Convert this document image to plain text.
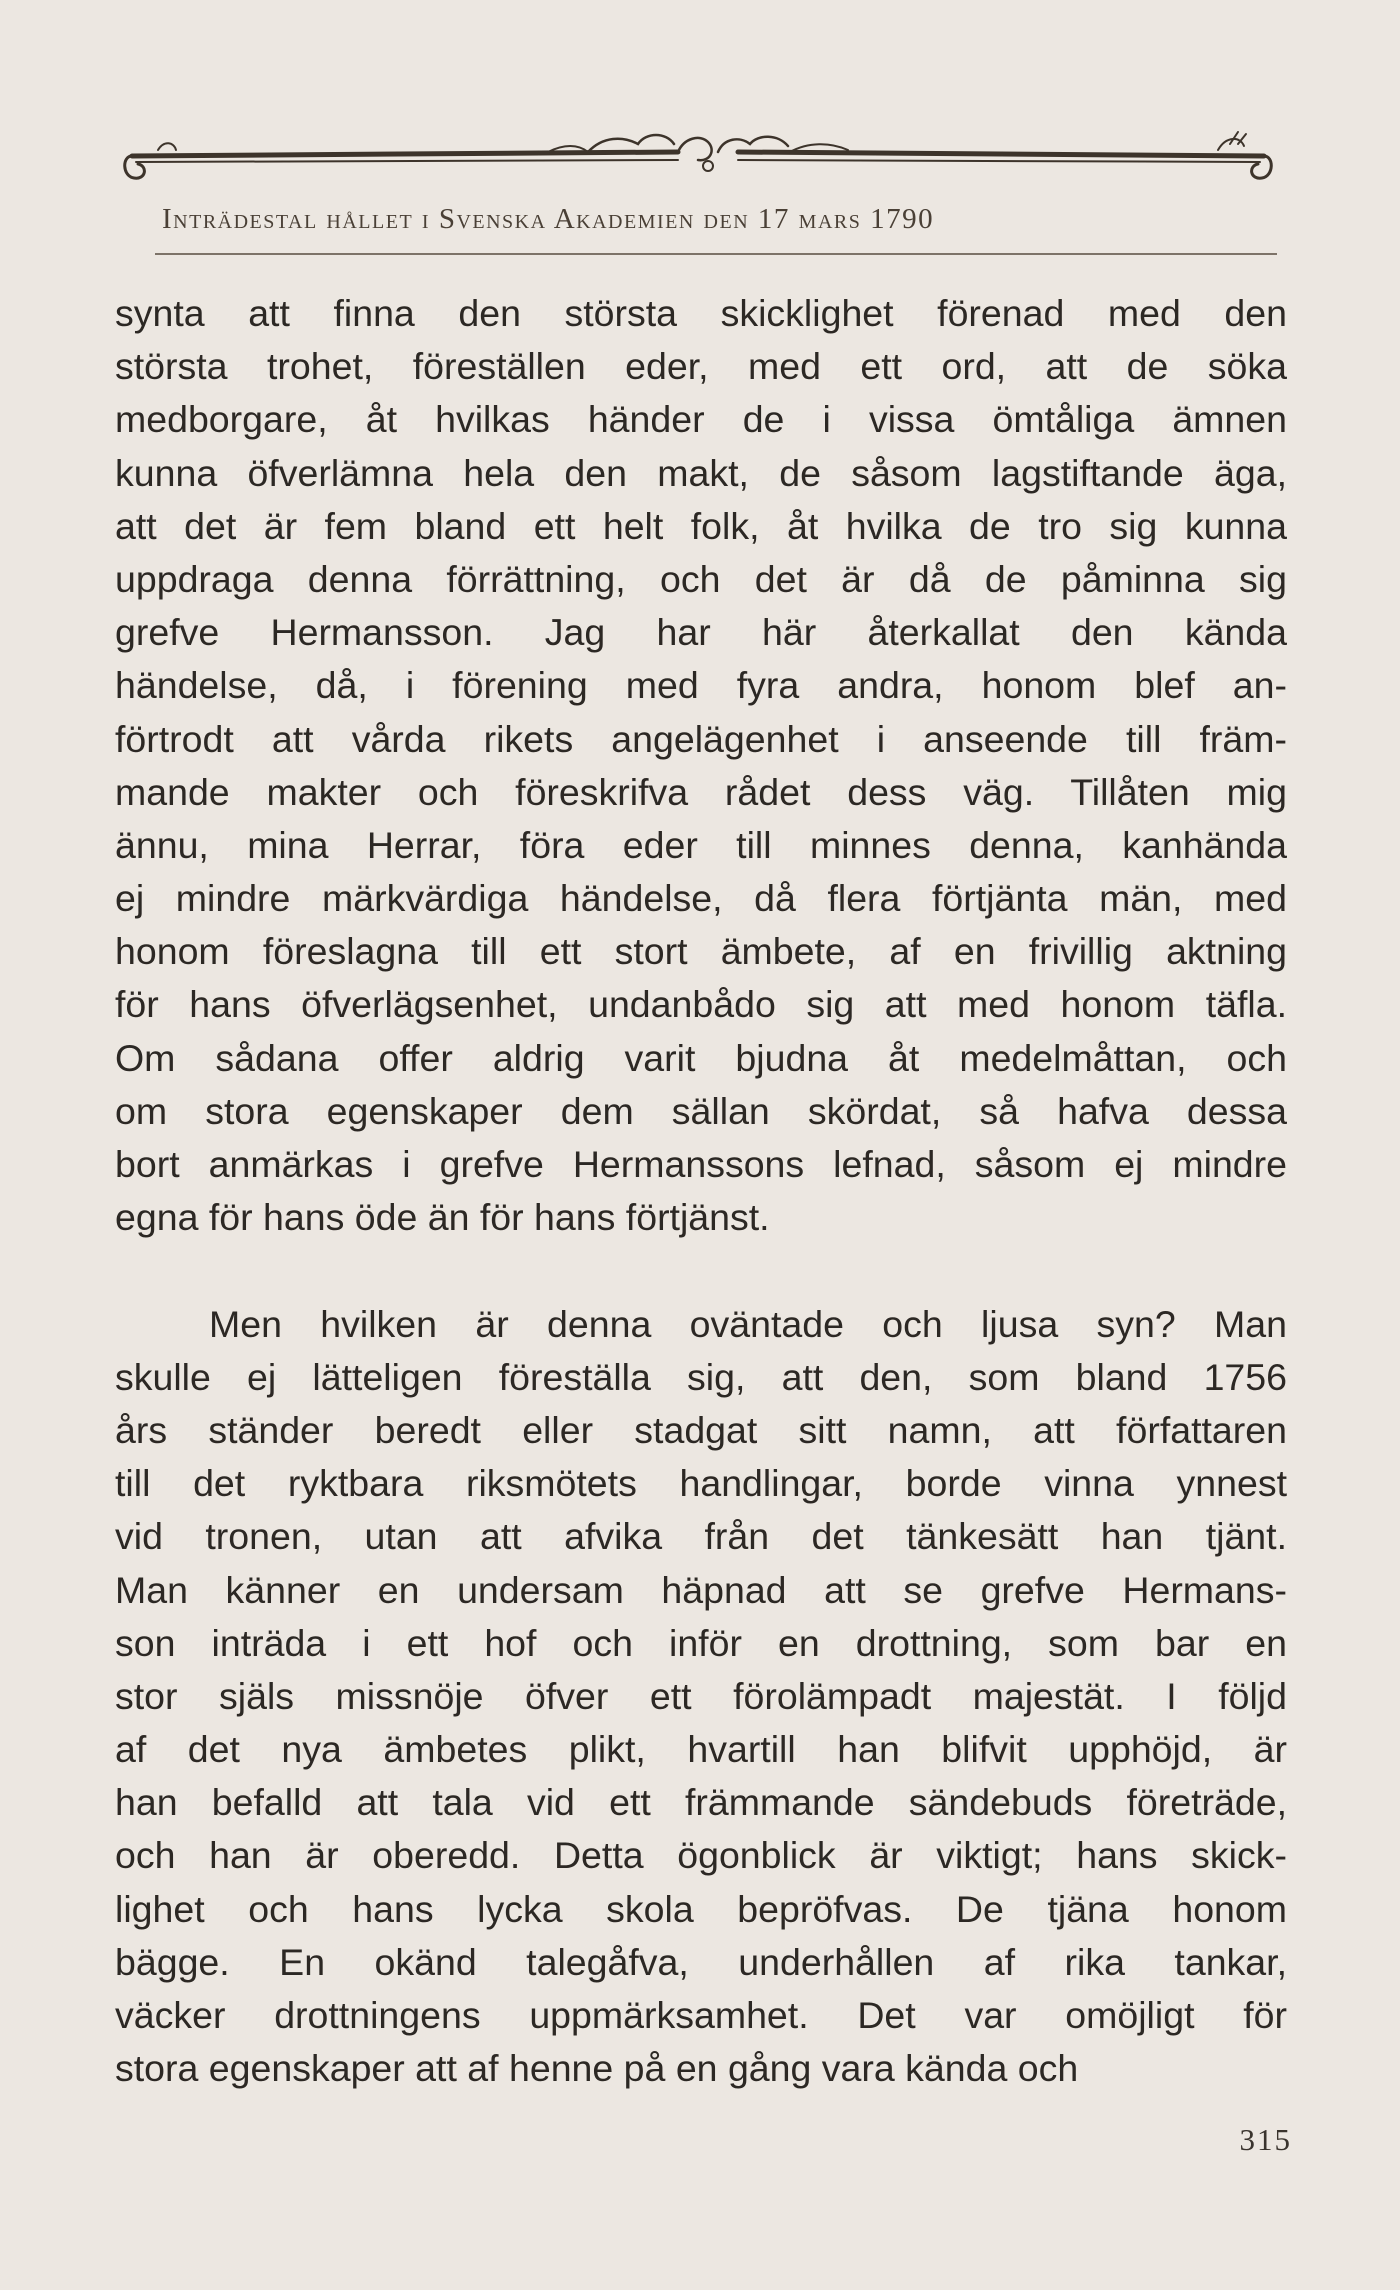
Inträdestal hållet i Svenska Akademien den 17 mars 1790
synta att finna den största skicklighet förenad med den
största trohet, föreställen eder, med ett ord, att de söka
medborgare, åt hvilkas händer de i vissa ömtåliga ämnen
kunna öfverlämna hela den makt, de såsom lagstiftande äga,
att det är fem bland ett helt folk, åt hvilka de tro sig kunna
uppdraga denna förrättning, och det är då de påminna sig
grefve Hermansson. Jag har här återkallat den kända
händelse, då, i förening med fyra andra, honom blef an-
förtrodt att vårda rikets angelägenhet i anseende till främ-
mande makter och föreskrifva rådet dess väg. Tillåten mig
ännu, mina Herrar, föra eder till minnes denna, kanhända
ej mindre märkvärdiga händelse, då flera förtjänta män, med
honom föreslagna till ett stort ämbete, af en frivillig aktning
för hans öfverlägsenhet, undanbådo sig att med honom täfla.
Om sådana offer aldrig varit bjudna åt medelmåttan, och
om stora egenskaper dem sällan skördat, så hafva dessa
bort anmärkas i grefve Hermanssons lefnad, såsom ej mindre
egna för hans öde än för hans förtjänst.
Men hvilken är denna oväntade och ljusa syn? Man
skulle ej lätteligen föreställa sig, att den, som bland 1756
års ständer beredt eller stadgat sitt namn, att författaren
till det ryktbara riksmötets handlingar, borde vinna ynnest
vid tronen, utan att afvika från det tänkesätt han tjänt.
Man känner en undersam häpnad att se grefve Hermans-
son inträda i ett hof och inför en drottning, som bar en
stor själs missnöje öfver ett förolämpadt majestät. I följd
af det nya ämbetes plikt, hvartill han blifvit upphöjd, är
han befalld att tala vid ett främmande sändebuds företräde,
och han är oberedd. Detta ögonblick är viktigt; hans skick-
lighet och hans lycka skola bepröfvas. De tjäna honom
bägge. En okänd talegåfva, underhållen af rika tankar,
väcker drottningens uppmärksamhet. Det var omöjligt för
stora egenskaper att af henne på en gång vara kända och
315
